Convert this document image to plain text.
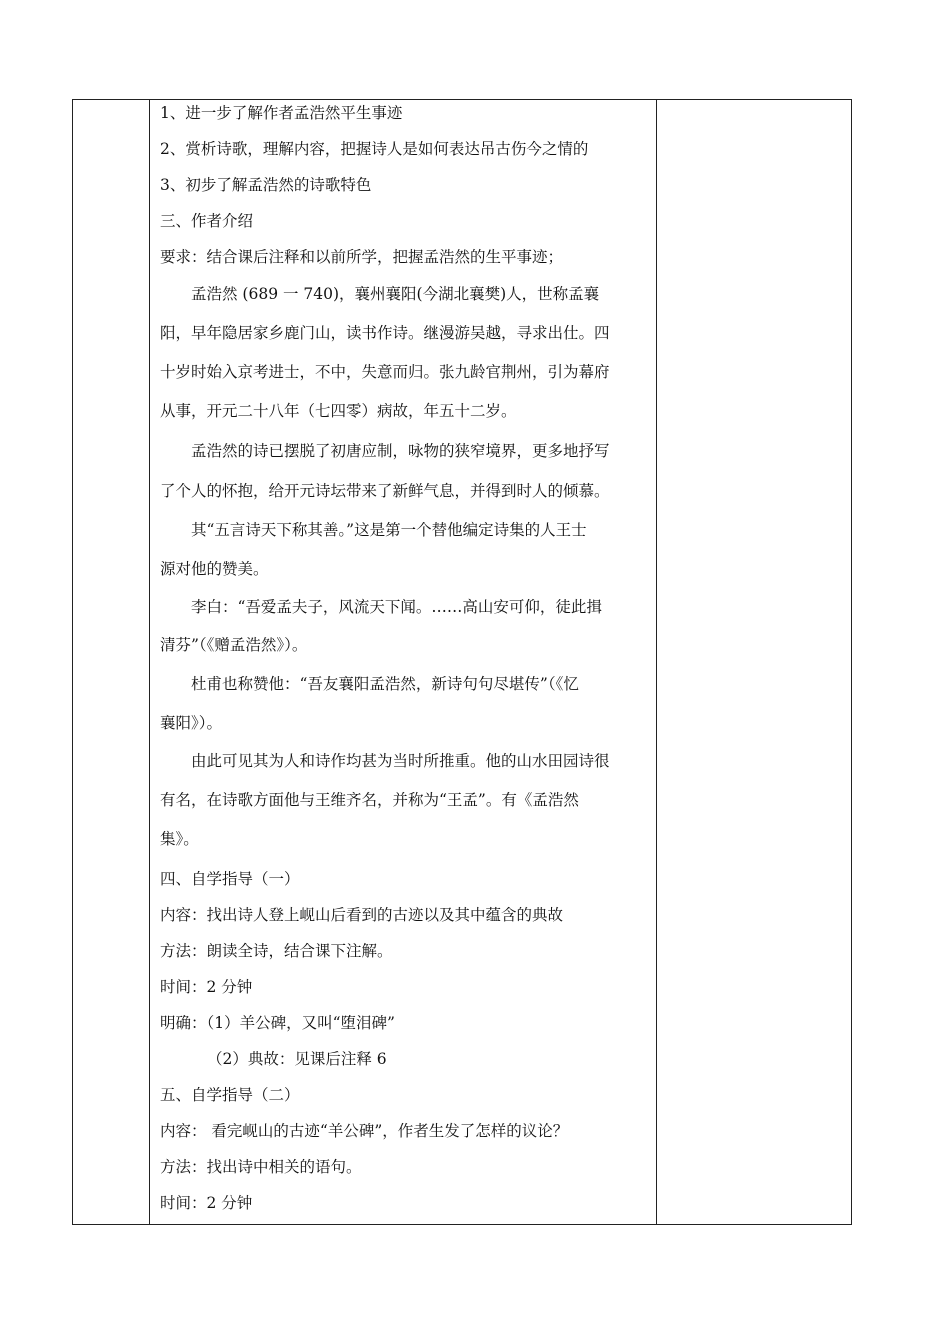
1、进一步了解作者孟浩然平生事迹
2、赏析诗歌，理解内容，把握诗人是如何表达吊古伤今之情的
3、初步了解孟浩然的诗歌特色
三、作者介绍
要求：结合课后注释和以前所学，把握孟浩然的生平事迹；
孟浩然 (689 一 740)，襄州襄阳(今湖北襄樊)人，世称孟襄
阳，早年隐居家乡鹿门山，读书作诗。继漫游吴越，寻求出仕。四
十岁时始入京考进士，不中，失意而归。张九龄官荆州，引为幕府
从事，开元二十八年（七四零）病故，年五十二岁。
孟浩然的诗已摆脱了初唐应制，咏物的狭窄境界，更多地抒写
了个人的怀抱，给开元诗坛带来了新鲜气息，并得到时人的倾慕。
其“五言诗天下称其善。”这是第一个替他编定诗集的人王士
源对他的赞美。
李白：“吾爱孟夫子，风流天下闻。……高山安可仰，徒此揖
清芬”（《赠孟浩然》）。
杜甫也称赞他：“吾友襄阳孟浩然，新诗句句尽堪传”（《忆
襄阳》）。
由此可见其为人和诗作均甚为当时所推重。他的山水田园诗很
有名，在诗歌方面他与王维齐名，并称为“王孟”。有《孟浩然
集》。
四、自学指导（一）
内容：找出诗人登上岘山后看到的古迹以及其中蕴含的典故
方法：朗读全诗，结合课下注解。
时间：2 分钟
明确：（1）羊公碑，又叫“堕泪碑”
（2）典故：见课后注释 6
五、自学指导（二）
内容： 看完岘山的古迹“羊公碑”，作者生发了怎样的议论？
方法：找出诗中相关的语句。
时间：2 分钟
